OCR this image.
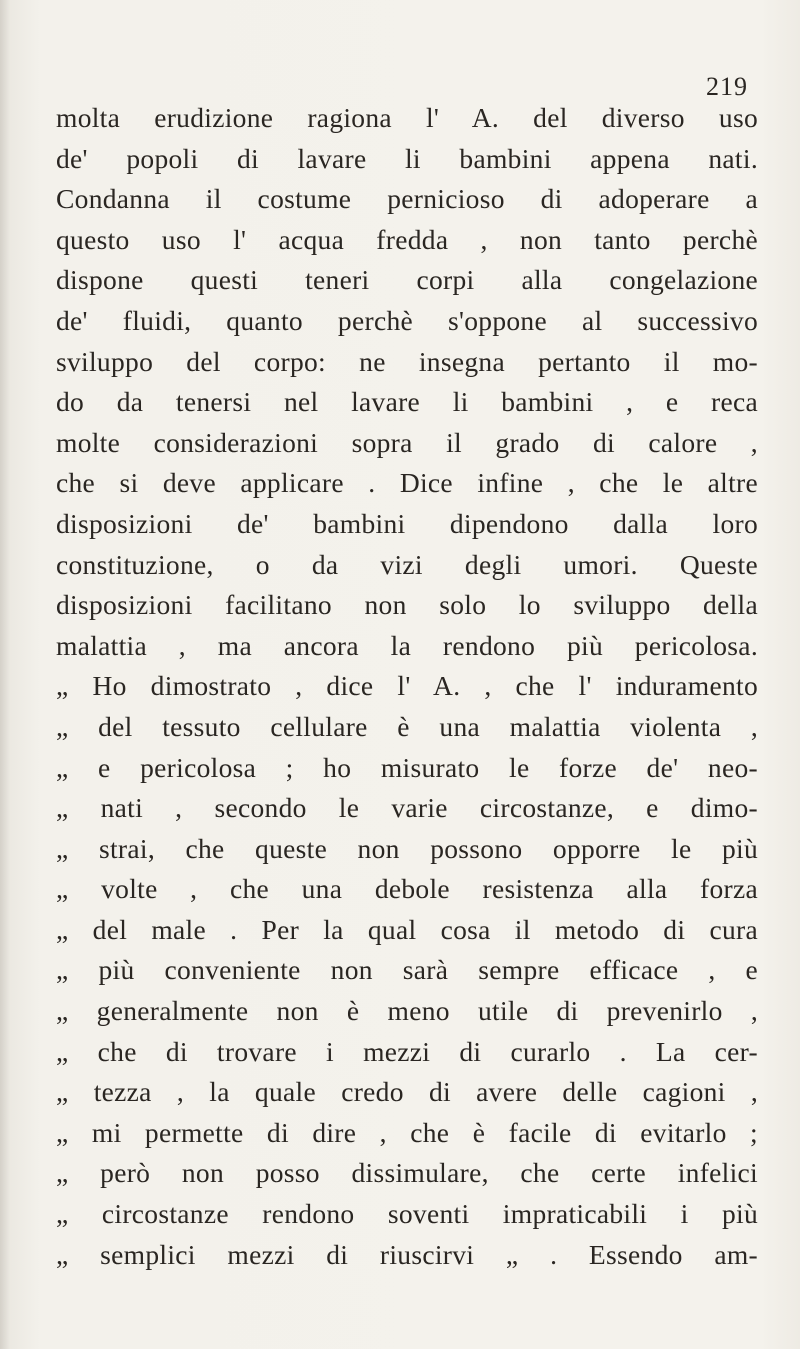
219
molta erudizione ragiona l' A. del diverso uso
de' popoli di lavare li bambini appena nati.
Condanna il costume pernicioso di adoperare a
questo uso l' acqua fredda , non tanto perchè
dispone questi teneri corpi alla congelazione
de' fluidi, quanto perchè s'oppone al successivo
sviluppo del corpo: ne insegna pertanto il mo-
do da tenersi nel lavare li bambini , e reca
molte considerazioni sopra il grado di calore ,
che si deve applicare . Dice infine , che le altre
disposizioni de' bambini dipendono dalla loro
constituzione, o da vizi degli umori. Queste
disposizioni facilitano non solo lo sviluppo della
malattia , ma ancora la rendono più pericolosa.
„ Ho dimostrato , dice l' A. , che l' induramento
„ del tessuto cellulare è una malattia violenta ,
„ e pericolosa ; ho misurato le forze de' neo-
„ nati , secondo le varie circostanze, e dimo-
„ strai, che queste non possono opporre le più
„ volte , che una debole resistenza alla forza
„ del male . Per la qual cosa il metodo di cura
„ più conveniente non sarà sempre efficace , e
„ generalmente non è meno utile di prevenirlo ,
„ che di trovare i mezzi di curarlo . La cer-
„ tezza , la quale credo di avere delle cagioni ,
„ mi permette di dire , che è facile di evitarlo ;
„ però non posso dissimulare, che certe infelici
„ circostanze rendono soventi impraticabili i più
„ semplici mezzi di riuscirvi „ . Essendo am-
